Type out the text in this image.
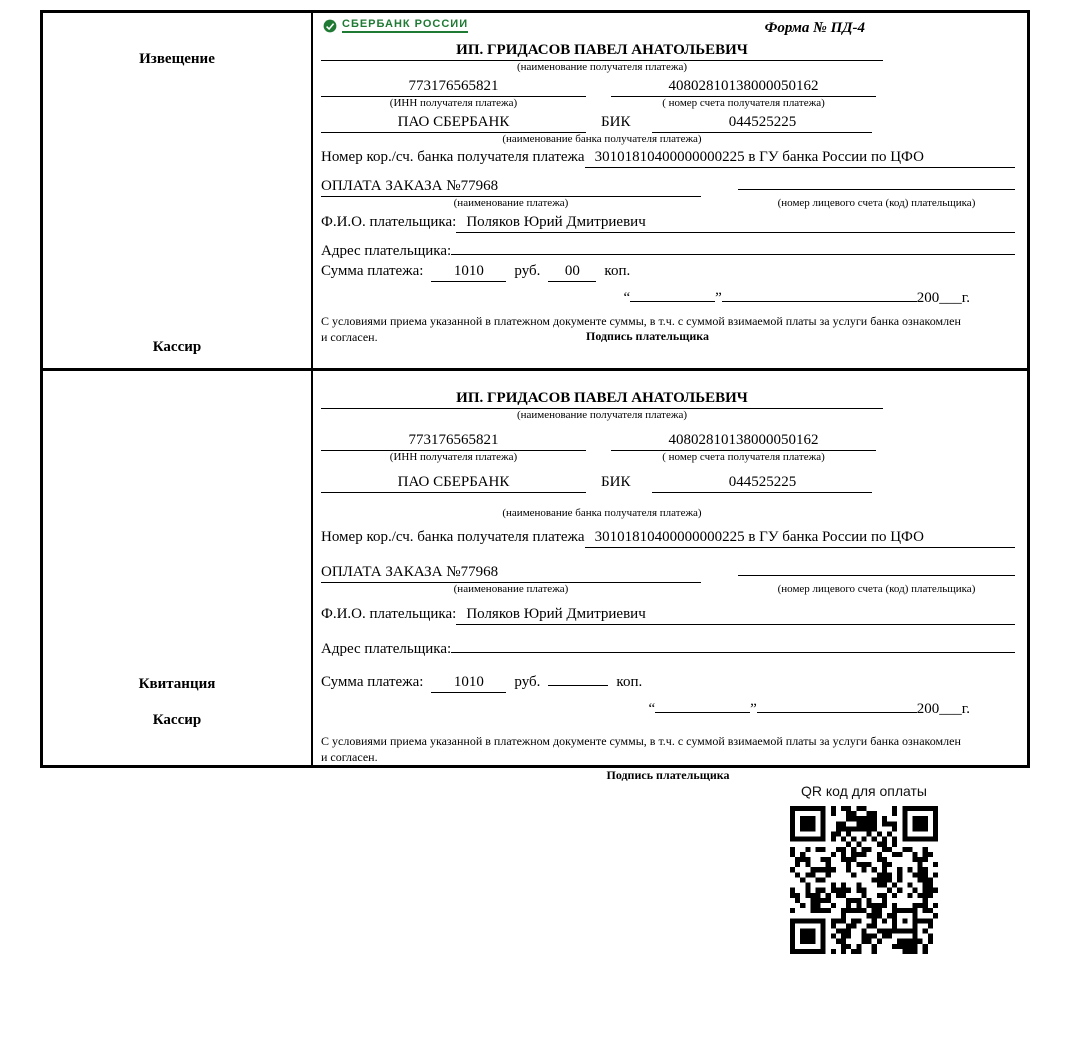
Извещение
Кассир
СБЕРБАНК РОССИИ	Форма № ПД-4
ИП. ГРИДАСОВ ПАВЕЛ АНАТОЛЬЕВИЧ
(наименование получателя платежа)
773176565821	40802810138000050162
(ИНН получателя платежа)	( номер счета получателя платежа)
ПАО СБЕРБАНК	БИК	044525225
(наименование банка получателя платежа)
Номер кор./сч. банка получателя платежа 30101810400000000225 в ГУ банка России по ЦФО
ОПЛАТА ЗАКАЗА №77968
(наименование платежа)	(номер лицевого счета (код) плательщика)
Ф.И.О. плательщика: Поляков Юрий Дмитриевич
Адрес плательщика:
Сумма платежа:	1010	руб.	00	коп.
“	”	200___г.
С условиями приема указанной в платежном документе суммы, в т.ч. с суммой взимаемой платы за услуги банка ознакомлен и согласен.	Подпись плательщика
Квитанция
Кассир
ИП. ГРИДАСОВ ПАВЕЛ АНАТОЛЬЕВИЧ
(наименование получателя платежа)
773176565821	40802810138000050162
(ИНН получателя платежа)	( номер счета получателя платежа)
ПАО СБЕРБАНК	БИК	044525225
(наименование банка получателя платежа)
Номер кор./сч. банка получателя платежа 30101810400000000225 в ГУ банка России по ЦФО
ОПЛАТА ЗАКАЗА №77968
(наименование платежа)	(номер лицевого счета (код) плательщика)
Ф.И.О. плательщика: Поляков Юрий Дмитриевич
Адрес плательщика:
Сумма платежа:	1010	руб.	коп.
“	”	200___г.
С условиями приема указанной в платежном документе суммы, в т.ч. с суммой взимаемой платы за услуги банка ознакомлен и согласен.
Подпись плательщика
QR код для оплаты
